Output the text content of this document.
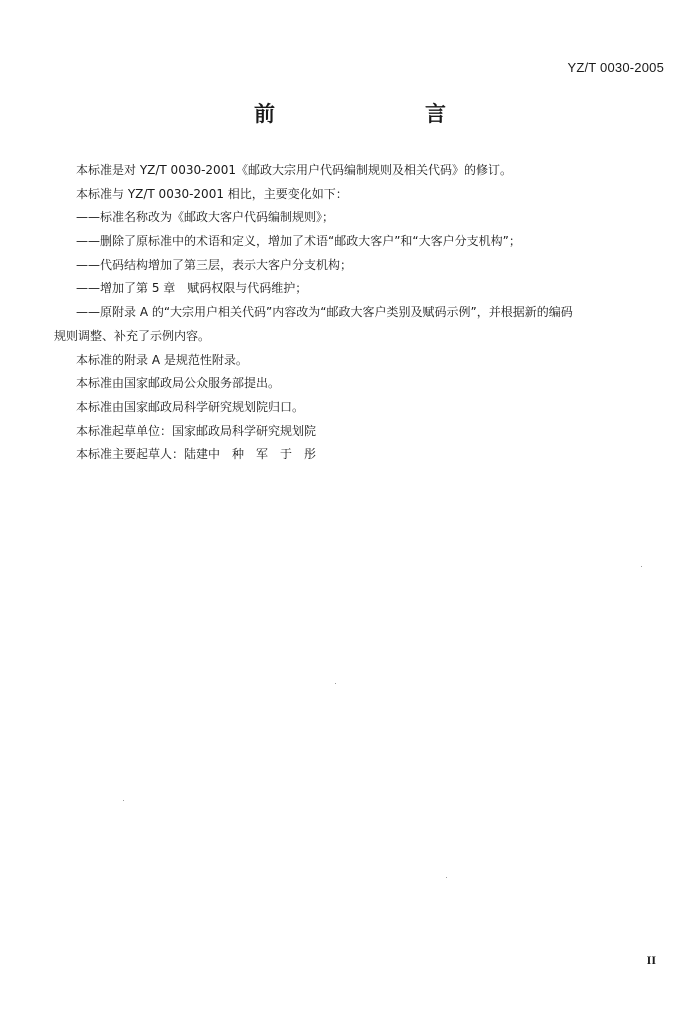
YZ/T 0030-2005
前　　言

本标准是对 YZ/T 0030-2001《邮政大宗用户代码编制规则及相关代码》的修订。

本标准与 YZ/T 0030-2001 相比，主要变化如下：

——标准名称改为《邮政大客户代码编制规则》；

——删除了原标准中的术语和定义，增加了术语“邮政大客户”和“大客户分支机构”；

——代码结构增加了第三层，表示大客户分支机构；

——增加了第 5 章　赋码权限与代码维护；

——原附录 A 的“大宗用户相关代码”内容改为“邮政大客户类别及赋码示例”，并根据新的编码

规则调整、补充了示例内容。

本标准的附录 A 是规范性附录。

本标准由国家邮政局公众服务部提出。

本标准由国家邮政局科学研究规划院归口。

本标准起草单位：国家邮政局科学研究规划院

本标准主要起草人：陆建中　种　军　于　彤

II
